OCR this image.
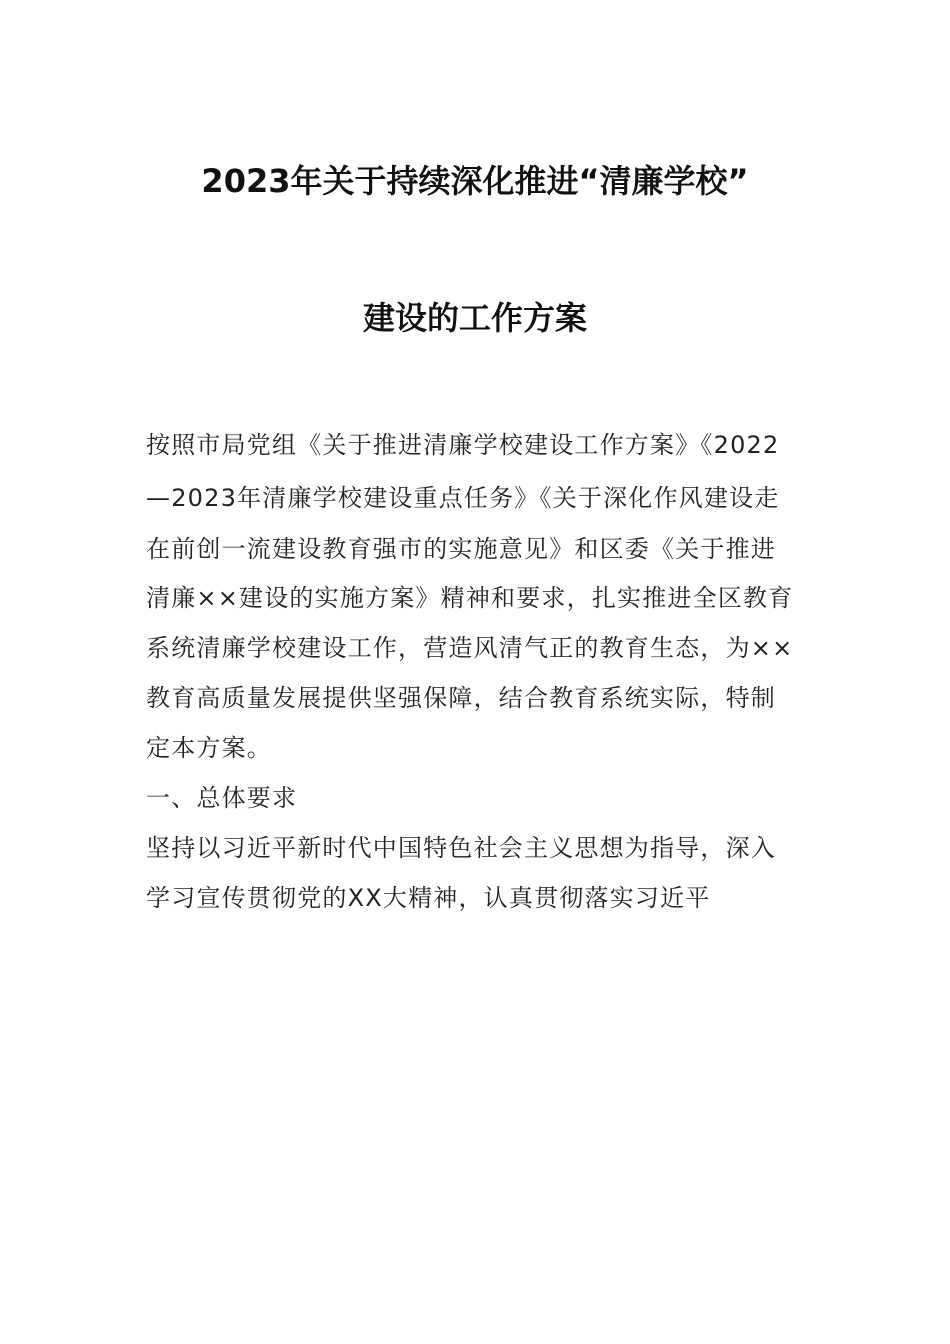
2023年关于持续深化推进“清廉学校”
建设的工作方案
按照市局党组《关于推进清廉学校建设工作方案》《2022
—2023年清廉学校建设重点任务》《关于深化作风建设走
在前创一流建设教育强市的实施意见》和区委《关于推进
清廉××建设的实施方案》精神和要求，扎实推进全区教育
系统清廉学校建设工作，营造风清气正的教育生态，为××
教育高质量发展提供坚强保障，结合教育系统实际，特制
定本方案。
一、总体要求
坚持以习近平新时代中国特色社会主义思想为指导，深入
学习宣传贯彻党的XX大精神，认真贯彻落实习近平
